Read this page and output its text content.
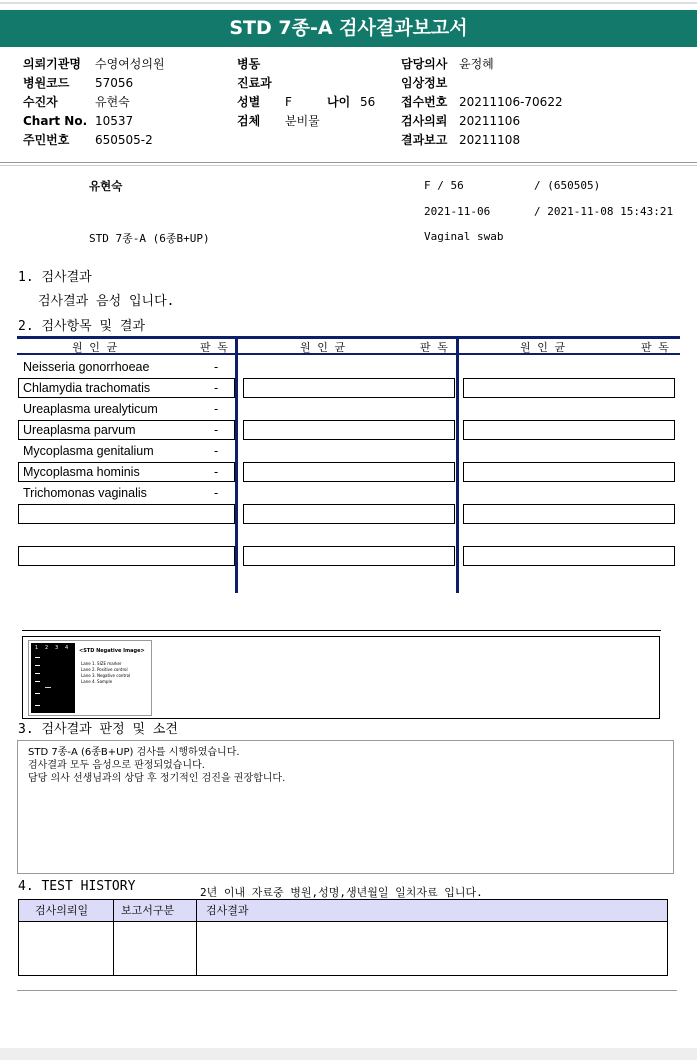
STD 7종-A 검사결과보고서
의뢰기관명 수영여성의원
병원코드 57056
수진자	유현숙
Chart No. 10537
주민번호 650505-2
병동
진료과
성별 F	나이 56
검체 분비물
담당의사 윤정혜
임상정보
접수번호 20211106-70622
검사의뢰 20211106
결과보고 20211108
유현숙	F / 56	/ (650505)
2021-11-06	/ 2021-11-08 15:43:21
STD 7종-A (6종B+UP)	Vaginal swab
1. 검사결과
검사결과 음성 입니다.
2. 검사항목 및 결과
원 인 균	판 독	원 인 균	판 독	원 인 균	판 독
Neisseria gonorrhoeae	-
Chlamydia trachomatis	-
Ureaplasma urealyticum	-
Ureaplasma parvum	-
Mycoplasma genitalium	-
Mycoplasma hominis	-
Trichomonas vaginalis	-
1 2 3 4 <STD Negative Image>
Lane 1. SIZE marker
Lane 2. Positive control
Lane 3. Negative control
Lane 4. Sample
3. 검사결과 판정 및 소견
STD 7종-A (6종B+UP) 검사를 시행하였습니다.
검사결과 모두 음성으로 판정되었습니다.
담당 의사 선생님과의 상담 후 정기적인 검진을 권장합니다.
4. TEST HISTORY	2년 이내 자료중 병원,성명,생년월일 일치자료 입니다.
검사의뢰일	보고서구분	검사결과
